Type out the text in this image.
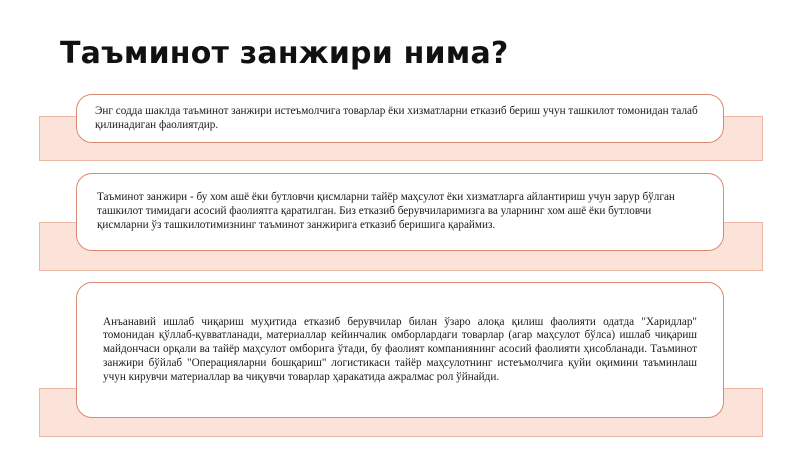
Таъминот занжири нима?

Энг содда шаклда таъминот занжири истеъмолчига товарлар ёки хизматларни етказиб бериш учун ташкилот томонидан талаб қилинадиган фаолиятдир.

Таъминот занжири - бу хом ашё ёки бутловчи қисмларни тайёр маҳсулот ёки хизматларга айлантириш учун зарур бўлган ташкилот тимидаги асосий фаолиятга қаратилган. Биз етказиб берувчиларимизга ва уларнинг хом ашё ёки бутловчи қисмларни ўз ташкилотимизнинг таъминот занжирига етказиб беришига қараймиз.

Анъанавий ишлаб чиқариш муҳитида етказиб берувчилар билан ўзаро алоқа қилиш фаолияти одатда "Харидлар" томонидан қўллаб-қувватланади, материаллар кейинчалик омборлардаги товарлар (агар маҳсулот бўлса) ишлаб чиқариш майдончаси орқали ва тайёр маҳсулот омборига ўтади, бу фаолият компаниянинг асосий фаолияти ҳисобланади. Таъминот занжири бўйлаб "Операцияларни бошқариш" логистикаси тайёр маҳсулотнинг истеъмолчига қуйи оқимини таъминлаш учун кирувчи материаллар ва чиқувчи товарлар ҳаракатида ажралмас рол ўйнайди.
